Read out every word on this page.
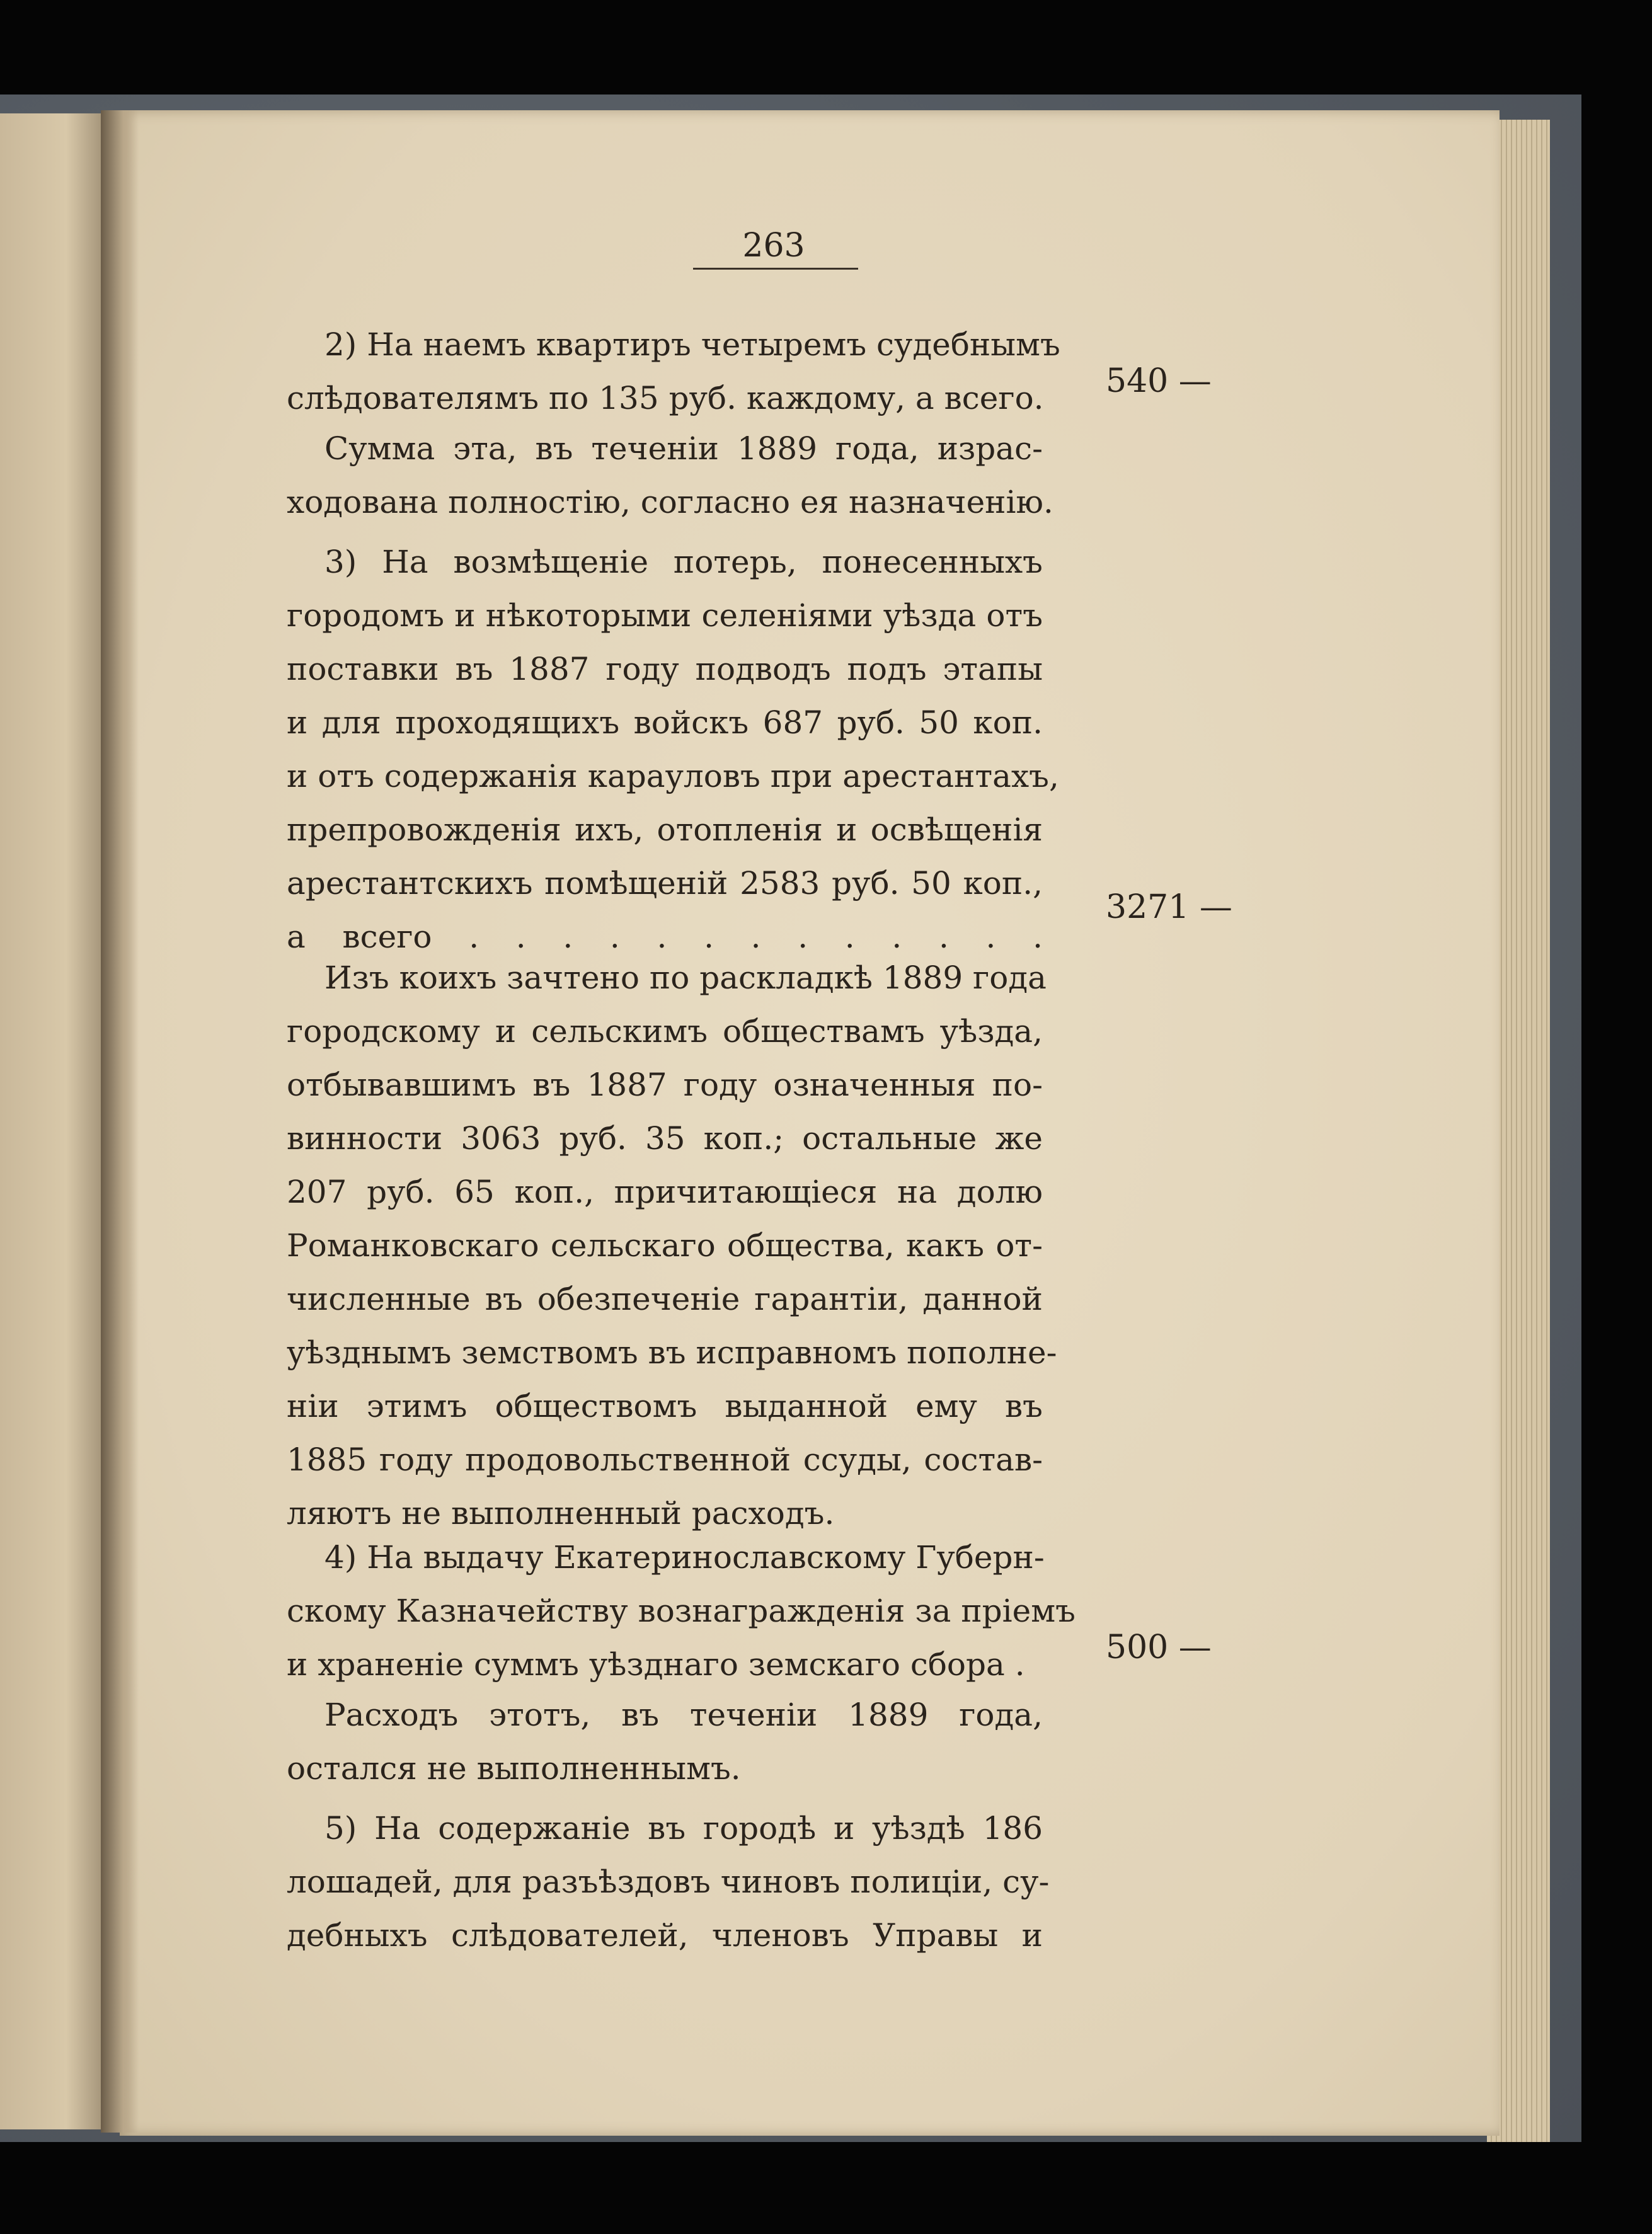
263
2) На наемъ квартиръ четыремъ судебнымъ
слѣдователямъ по 135 руб. каждому, а всего. 540 —
Сумма эта, въ теченіи 1889 года, израс-
ходована полностію, согласно ея назначенію.
3) На возмѣщеніе потерь, понесенныхъ
городомъ и нѣкоторыми селеніями уѣзда отъ
поставки въ 1887 году подводъ подъ этапы
и для проходящихъ войскъ 687 руб. 50 коп.
и отъ содержанія карауловъ при арестантахъ,
препровожденія ихъ, отопленія и освѣщенія
арестантскихъ помѣщеній 2583 руб. 50 коп.,
а всего . . . . . . . . . . . . .
3271 —
Изъ коихъ зачтено по раскладкѣ 1889 года
городскому и сельскимъ обществамъ уѣзда,
отбывавшимъ въ 1887 году означенныя по-
винности 3063 руб. 35 коп.; остальные же
207 руб. 65 коп., причитающіеся на долю
Романковскаго сельскаго общества, какъ от-
численные въ обезпеченіе гарантіи, данной
уѣзднымъ земствомъ въ исправномъ пополне-
ніи этимъ обществомъ выданной ему въ
1885 году продовольственной ссуды, состав-
ляютъ не выполненный расходъ.
4) На выдачу Екатеринославскому Губерн-
скому Казначейству вознагражденія за пріемъ
и храненіе суммъ уѣзднаго земскаго сбора .	500 —
Расходъ этотъ, въ теченіи 1889 года,
остался не выполненнымъ.
5) На содержаніе въ городѣ и уѣздѣ 186
лошадей, для разъѣздовъ чиновъ полиціи, су-
дебныхъ слѣдователей, членовъ Управы и
